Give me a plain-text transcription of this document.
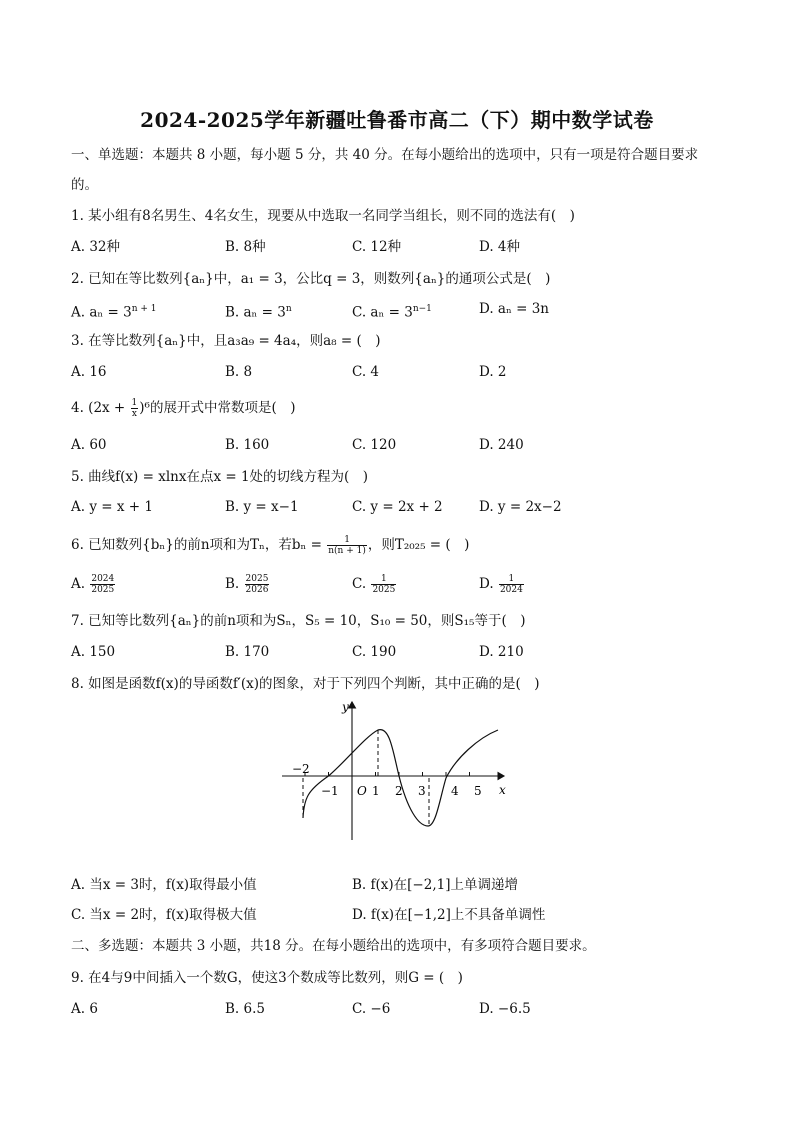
2024-2025学年新疆吐鲁番市高二（下）期中数学试卷
一、单选题：本题共 8 小题，每小题 5 分，共 40 分。在每小题给出的选项中，只有一项是符合题目要求
的。
1. 某小组有8名男生、4名女生，现要从中选取一名同学当组长，则不同的选法有(　)
A. 32种	B. 8种	C. 12种	D. 4种
2. 已知在等比数列{aₙ}中，a₁ = 3，公比q = 3，则数列{aₙ}的通项公式是(　)
A. $a_n = 3^{n + 1}$	B. $a_n = 3^n$	C. $a_n = 3^{n-1}$	D. aₙ = 3n
3. 在等比数列{aₙ}中，且a₃a₉ = 4a₄，则a₈ = (　)
A. 16	B. 8	C. 4	D. 2
4. $(2x + \frac{1}{x} )^6$的展开式中常数项是(　)
A. 60	B. 160	C. 120	D. 240
5. 曲线f(x) = xlnx在点x = 1处的切线方程为(　)
A. y = x + 1	B. y = x−1	C. y = 2x + 2	D. y = 2x−2
6. 已知数列{bₙ}的前n项和为Tₙ，若$b_n = \frac{1}{n(n + 1)}$ ，则T₂₀₂₅ = (　)
A. $\frac{2024}{2025}$	B. $\frac{2025}{2026}$	C. $\frac{1}{2025}$	D. $\frac{1}{2024}$
7. 已知等比数列{aₙ}的前n项和为Sₙ，S₅ = 10，S₁₀ = 50，则S₁₅等于(　)
A. 150	B. 170	C. 190	D. 210
8. 如图是函数f(x)的导函数f′(x)的图象，对于下列四个判断，其中正确的是(　)
y
x
O
−2
−1	1 2 3 4 5
A. 当x = 3时，f(x)取得最小值	B. f(x)在[−2,1]上单调递增
C. 当x = 2时，f(x)取得极大值	D. f(x)在[−1,2]上不具备单调性
二、多选题：本题共 3 小题，共18 分。在每小题给出的选项中，有多项符合题目要求。
9. 在4与9中间插入一个数G，使这3个数成等比数列，则G = (　)
A. 6	B. 6.5	C. −6	D. −6.5
